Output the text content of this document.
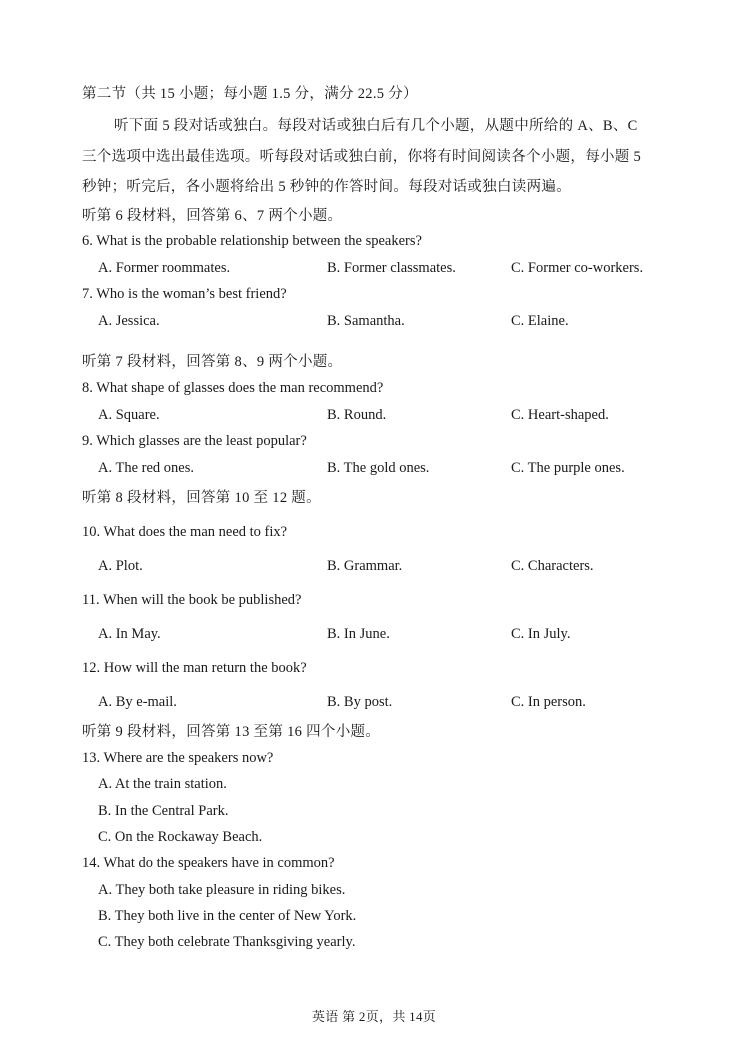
第二节（共 15 小题；每小题 1.5 分，满分 22.5 分）
听下面 5 段对话或独白。每段对话或独白后有几个小题，从题中所给的 A、B、C
三个选项中选出最佳选项。听每段对话或独白前，你将有时间阅读各个小题，每小题 5
秒钟；听完后，各小题将给出 5 秒钟的作答时间。每段对话或独白读两遍。
听第 6 段材料，回答第 6、7 两个小题。
6. What is the probable relationship between the speakers?
A. Former roommates.	B. Former classmates.	C. Former co-workers.
7. Who is the woman’s best friend?
A. Jessica.	B. Samantha.	C. Elaine.
听第 7 段材料，回答第 8、9 两个小题。
8. What shape of glasses does the man recommend?
A. Square.	B. Round.	C. Heart-shaped.
9. Which glasses are the least popular?
A. The red ones.	B. The gold ones.	C. The purple ones.
听第 8 段材料，回答第 10 至 12 题。
10. What does the man need to fix?
A. Plot.	B. Grammar.	C. Characters.
11. When will the book be published?
A. In May.	B. In June.	C. In July.
12. How will the man return the book?
A. By e-mail.	B. By post.	C. In person.
听第 9 段材料，回答第 13 至第 16 四个小题。
13. Where are the speakers now?
A. At the train station.
B. In the Central Park.
C. On the Rockaway Beach.
14. What do the speakers have in common?
A. They both take pleasure in riding bikes.
B. They both live in the center of New York.
C. They both celebrate Thanksgiving yearly.
英语 第 2页，共 14页
